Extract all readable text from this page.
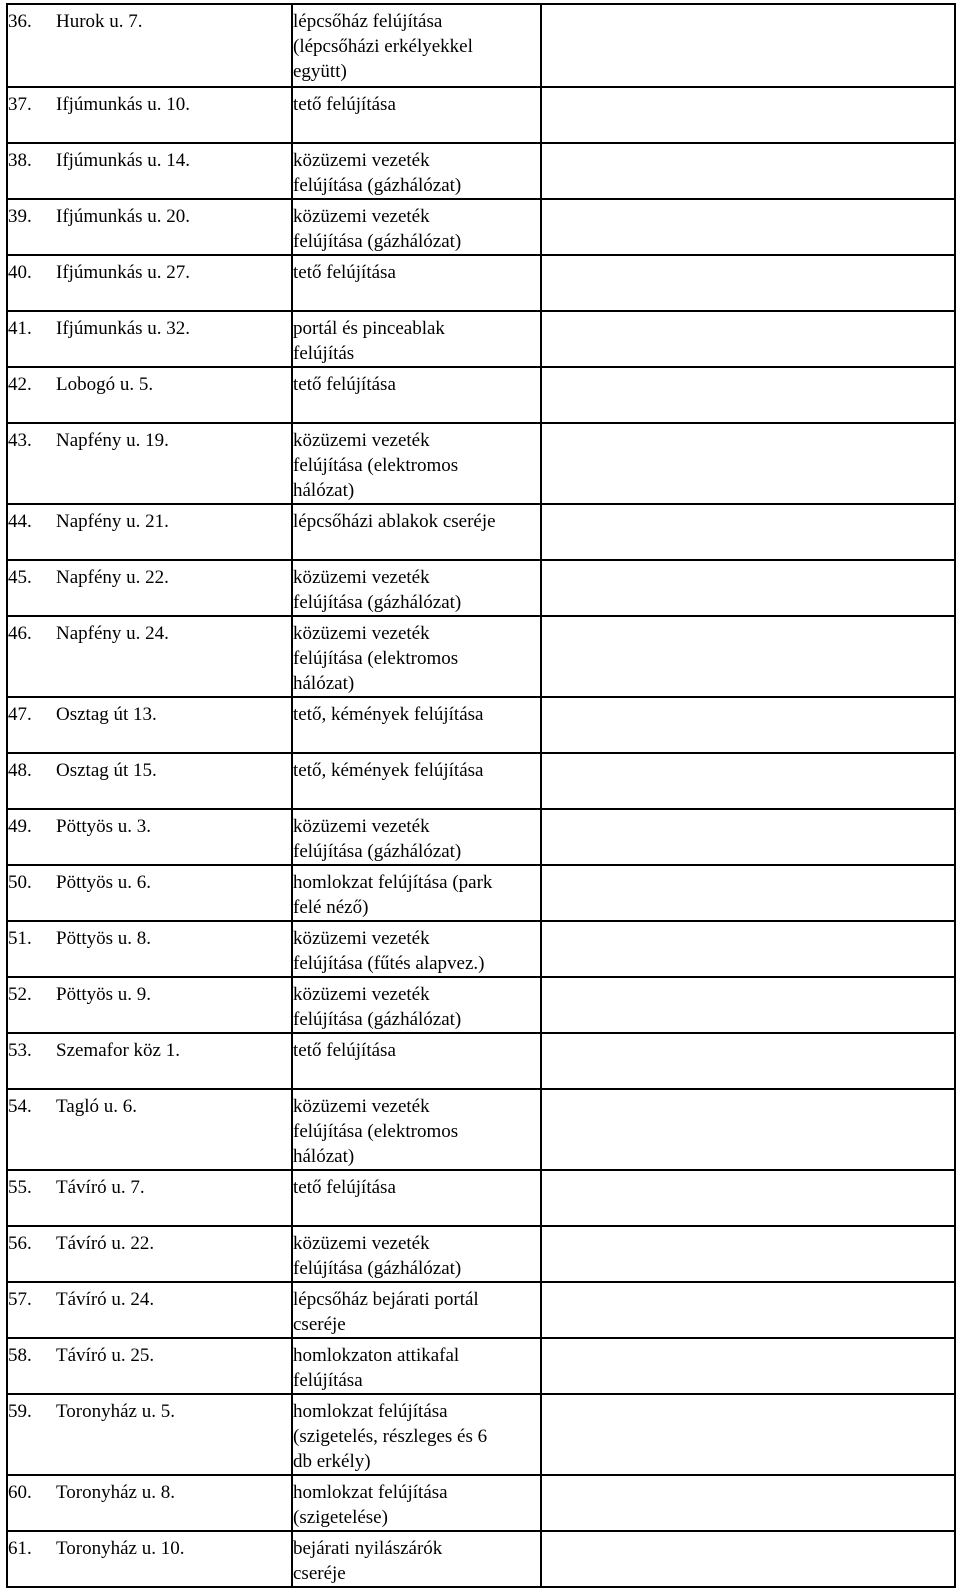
36. Hurok u. 7.	lépcsőház felújítása
(lépcsőházi erkélyekkel
együtt)	

37. Ifjúmunkás u. 10.	tető felújítása	

38. Ifjúmunkás u. 14.	közüzemi vezeték
felújítása (gázhálózat)	

39. Ifjúmunkás u. 20.	közüzemi vezeték
felújítása (gázhálózat)	

40. Ifjúmunkás u. 27.	tető felújítása	

41. Ifjúmunkás u. 32.	portál és pinceablak
felújítás	

42. Lobogó u. 5.	tető felújítása	

43. Napfény u. 19.	közüzemi vezeték
felújítása (elektromos
hálózat)	

44. Napfény u. 21.	lépcsőházi ablakok cseréje	

45. Napfény u. 22.	közüzemi vezeték
felújítása (gázhálózat)	

46. Napfény u. 24.	közüzemi vezeték
felújítása (elektromos
hálózat)	

47. Osztag út 13.	tető, kémények felújítása	

48. Osztag út 15.	tető, kémények felújítása	

49. Pöttyös u. 3.	közüzemi vezeték
felújítása (gázhálózat)	

50. Pöttyös u. 6.	homlokzat felújítása (park
felé néző)	

51. Pöttyös u. 8.	közüzemi vezeték
felújítása (fűtés alapvez.)	

52. Pöttyös u. 9.	közüzemi vezeték
felújítása (gázhálózat)	

53. Szemafor köz 1.	tető felújítása	

54. Tagló u. 6.	közüzemi vezeték
felújítása (elektromos
hálózat)	

55. Távíró u. 7.	tető felújítása	

56. Távíró u. 22.	közüzemi vezeték
felújítása (gázhálózat)	

57. Távíró u. 24.	lépcsőház bejárati portál
cseréje	

58. Távíró u. 25.	homlokzaton attikafal
felújítása	

59. Toronyház u. 5.	homlokzat felújítása
(szigetelés, részleges és 6
db erkély)	

60. Toronyház u. 8.	homlokzat felújítása
(szigetelése)	

61. Toronyház u. 10.	bejárati nyilászárók
cseréje	
